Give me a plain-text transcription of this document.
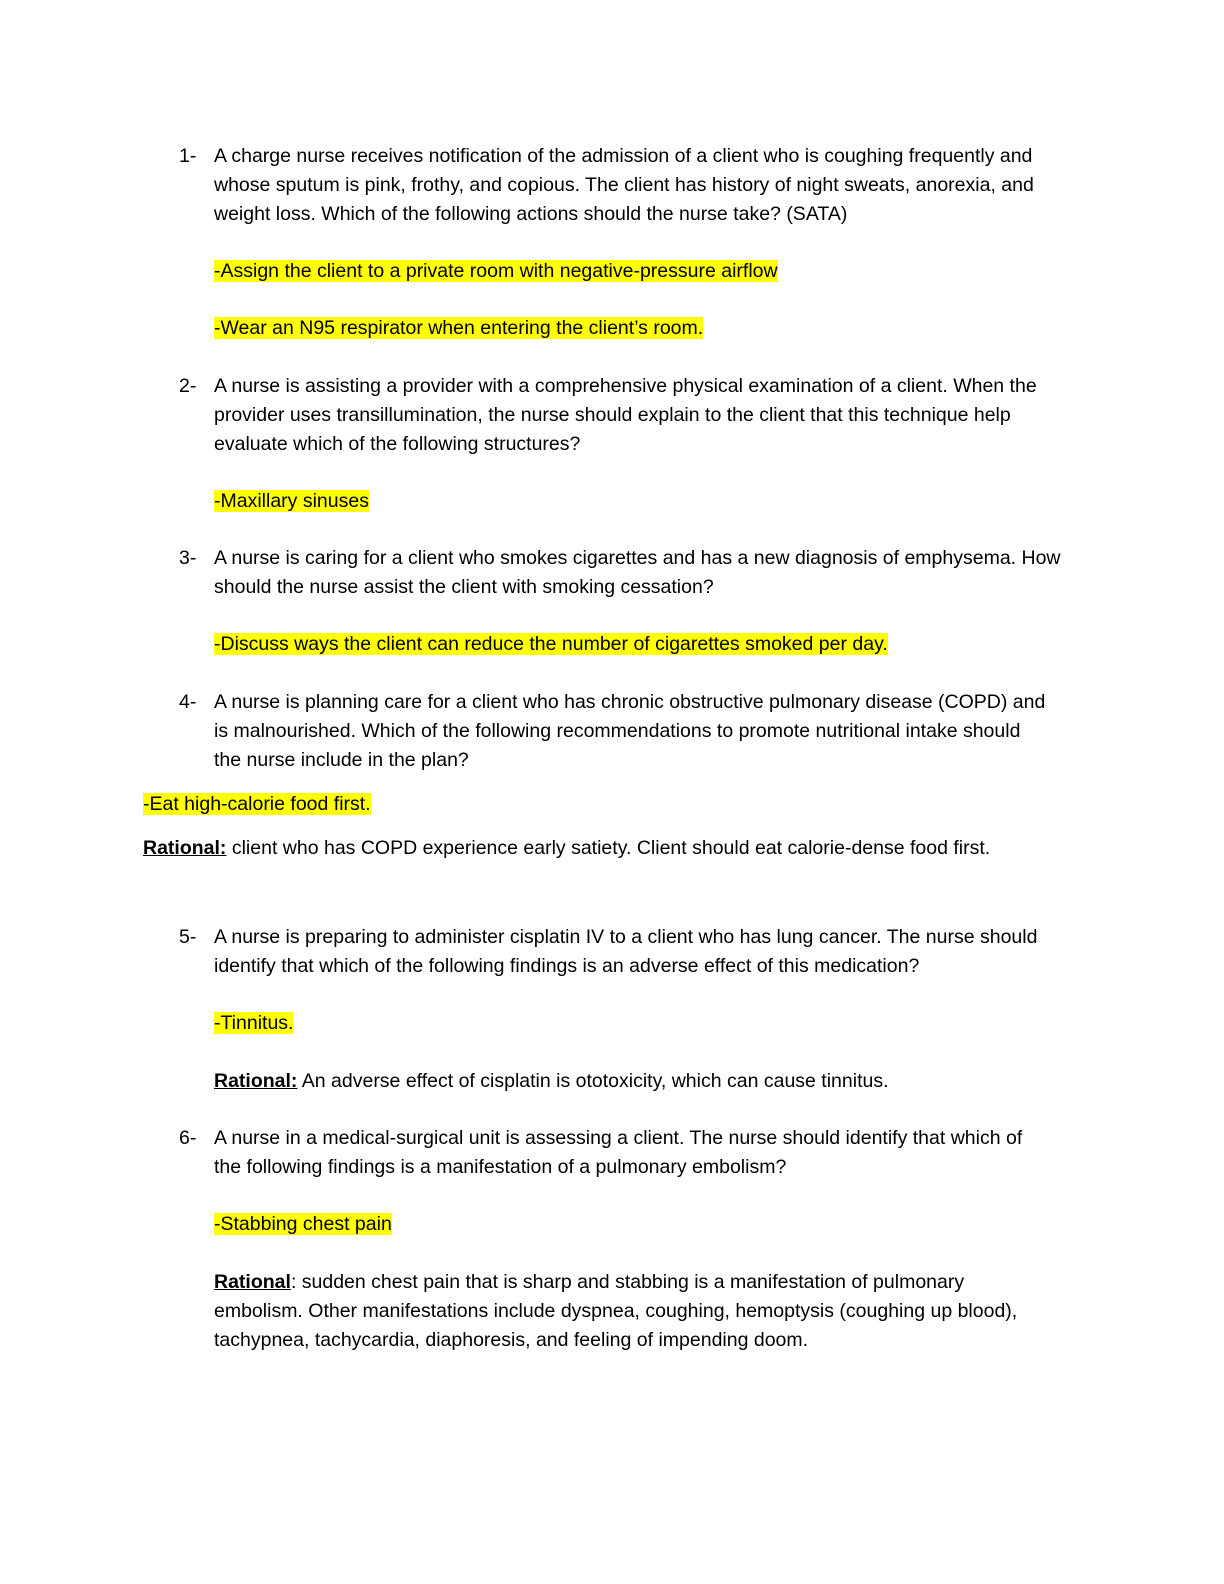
1- A charge nurse receives notification of the admission of a client who is coughing frequently and
whose sputum is pink, frothy, and copious. The client has history of night sweats, anorexia, and
weight loss. Which of the following actions should the nurse take? (SATA)
-Assign the client to a private room with negative-pressure airflow
-Wear an N95 respirator when entering the client’s room.
2- A nurse is assisting a provider with a comprehensive physical examination of a client. When the
provider uses transillumination, the nurse should explain to the client that this technique help
evaluate which of the following structures?
-Maxillary sinuses
3- A nurse is caring for a client who smokes cigarettes and has a new diagnosis of emphysema. How
should the nurse assist the client with smoking cessation?
-Discuss ways the client can reduce the number of cigarettes smoked per day.
4- A nurse is planning care for a client who has chronic obstructive pulmonary disease (COPD) and
is malnourished. Which of the following recommendations to promote nutritional intake should
the nurse include in the plan?
-Eat high-calorie food first.
Rational: client who has COPD experience early satiety. Client should eat calorie-dense food first.
5- A nurse is preparing to administer cisplatin IV to a client who has lung cancer. The nurse should
identify that which of the following findings is an adverse effect of this medication?
-Tinnitus.
Rational: An adverse effect of cisplatin is ototoxicity, which can cause tinnitus.
6- A nurse in a medical-surgical unit is assessing a client. The nurse should identify that which of
the following findings is a manifestation of a pulmonary embolism?
-Stabbing chest pain
Rational: sudden chest pain that is sharp and stabbing is a manifestation of pulmonary
embolism. Other manifestations include dyspnea, coughing, hemoptysis (coughing up blood),
tachypnea, tachycardia, diaphoresis, and feeling of impending doom.
